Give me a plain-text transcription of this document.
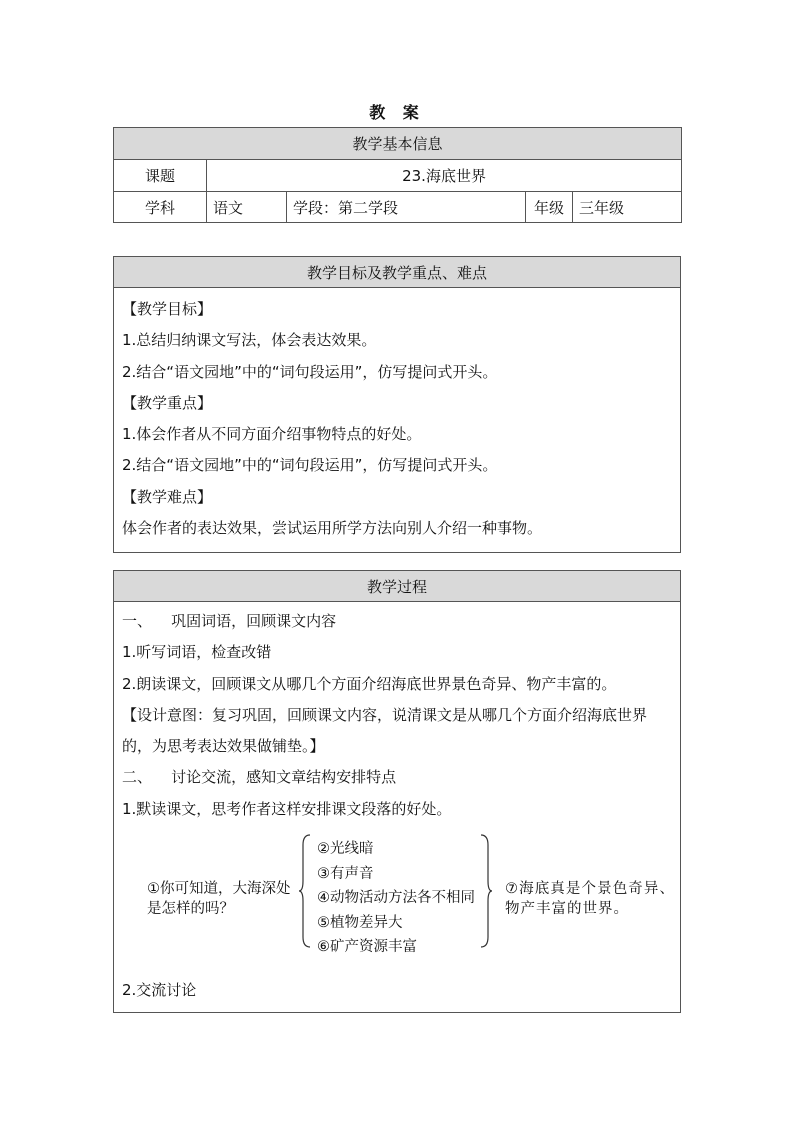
教 案
教学基本信息				
课题	23.海底世界			
学科	语文	学段：第二学段	年级	三年级
教学目标及教学重点、难点

【教学目标】
1.总结归纳课文写法，体会表达效果。
2.结合“语文园地”中的“词句段运用”，仿写提问式开头。
【教学重点】
1.体会作者从不同方面介绍事物特点的好处。
2.结合“语文园地”中的“词句段运用”，仿写提问式开头。
【教学难点】
体会作者的表达效果，尝试运用所学方法向别人介绍一种事物。
教学过程

一、    巩固词语，回顾课文内容
1.听写词语，检查改错
2.朗读课文，回顾课文从哪几个方面介绍海底世界景色奇异、物产丰富的。
【设计意图：复习巩固，回顾课文内容，说清课文是从哪几个方面介绍海底世界的，为思考表达效果做铺垫。】
二、    讨论交流，感知文章结构安排特点
1.默读课文，思考作者这样安排课文段落的好处。
①你可知道，大海深处是怎样的吗？
②光线暗
③有声音
④动物活动方法各不相同
⑤植物差异大
⑥矿产资源丰富
⑦海底真是个景色奇异、物产丰富的世界。
2.交流讨论
